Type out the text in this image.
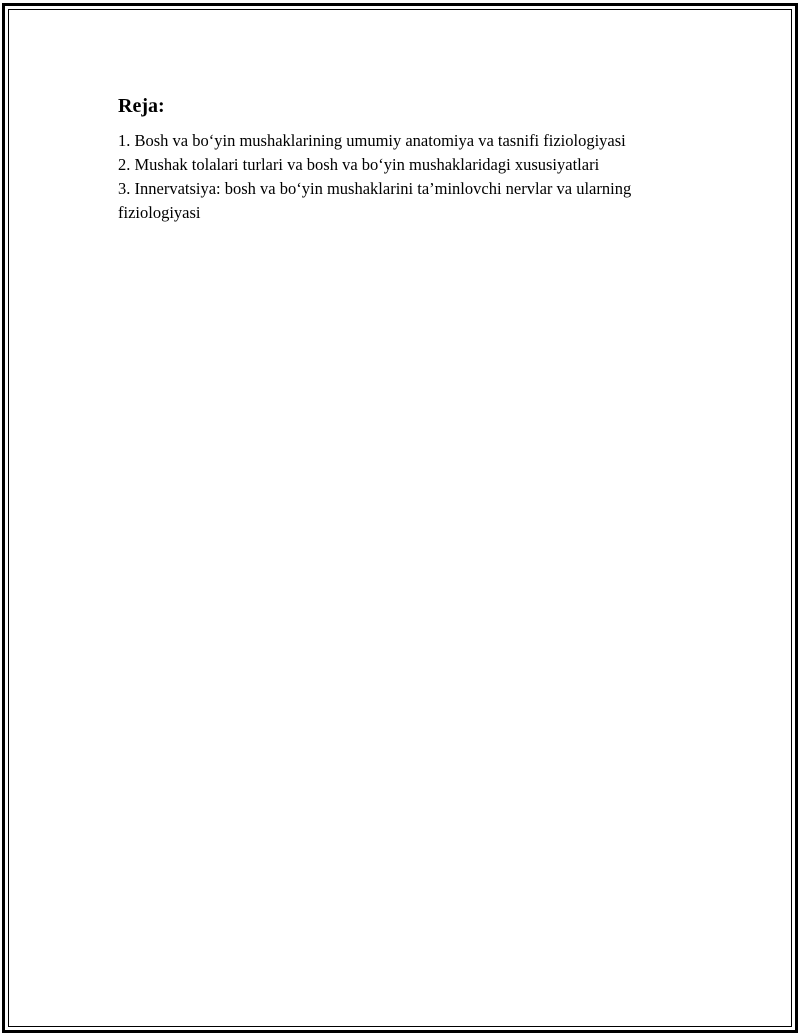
Reja:
1. Bosh va bo‘yin mushaklarining umumiy anatomiya va tasnifi fiziologiyasi
2. Mushak tolalari turlari va bosh va bo‘yin mushaklaridagi xususiyatlari
3. Innervatsiya: bosh va bo‘yin mushaklarini ta’minlovchi nervlar va ularning fiziologiyasi
